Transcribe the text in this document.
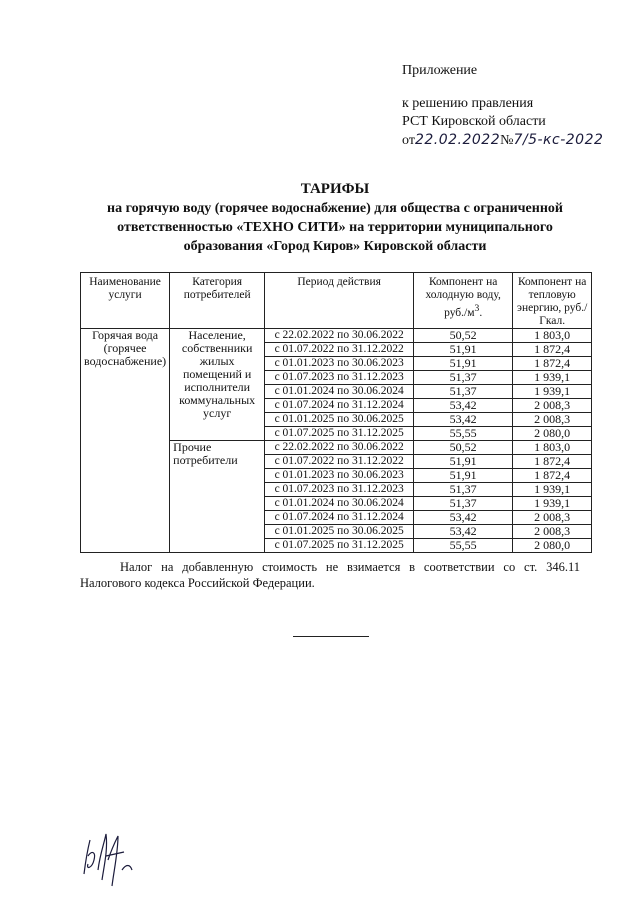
Приложение
к решению правления
РСТ Кировской области
от22.02.2022№7/5-кс-2022
ТАРИФЫ
на горячую воду (горячее водоснабжение) для общества с ограниченной
ответственностью «ТЕХНО СИТИ» на территории муниципального
образования «Город Киров» Кировской области
Наименование услуги	Категория потребителей	Период действия	Компонент на холодную воду, $руб./м^3$.	Компонент на тепловую энергию, руб./Гкал.
Горячая вода (горячее водоснабжение)	Население, собственники жилых помещений и исполнители коммунальных услуг	с 22.02.2022 по 30.06.2022	50,52	1 803,0
		с 01.07.2022 по 31.12.2022	51,91	1 872,4
		с 01.01.2023 по 30.06.2023	51,91	1 872,4
		с 01.07.2023 по 31.12.2023	51,37	1 939,1
		с 01.01.2024 по 30.06.2024	51,37	1 939,1
		с 01.07.2024 по 31.12.2024	53,42	2 008,3
		с 01.01.2025 по 30.06.2025	53,42	2 008,3
		с 01.07.2025 по 31.12.2025	55,55	2 080,0
	Прочие потребители	с 22.02.2022 по 30.06.2022	50,52	1 803,0
		с 01.07.2022 по 31.12.2022	51,91	1 872,4
		с 01.01.2023 по 30.06.2023	51,91	1 872,4
		с 01.07.2023 по 31.12.2023	51,37	1 939,1
		с 01.01.2024 по 30.06.2024	51,37	1 939,1
		с 01.07.2024 по 31.12.2024	53,42	2 008,3
		с 01.01.2025 по 30.06.2025	53,42	2 008,3
		с 01.07.2025 по 31.12.2025	55,55	2 080,0
Налог на добавленную стоимость не взимается в соответствии со ст. 346.11 Налогового кодекса Российской Федерации.
